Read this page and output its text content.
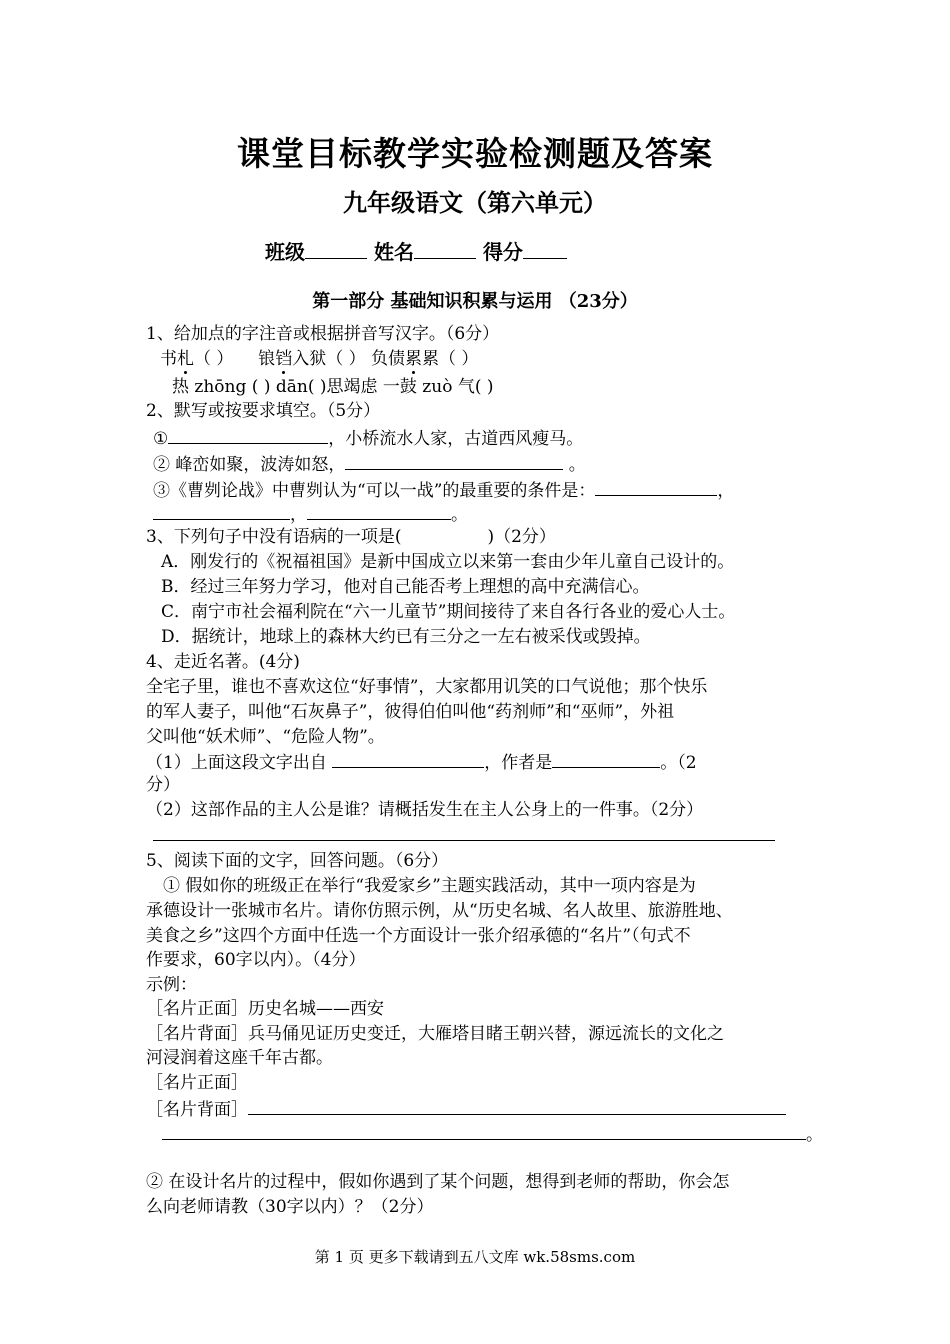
课堂目标教学实验检测题及答案
九年级语文（第六单元）
班级	姓名	得分
第一部分 基础知识积累与运用 （23分）
1、给加点的字注音或根据拼音写汉字。（6分）
书札（ ） 锒铛入狱（ ） 负债累累（ ）
热 zhōng ( ) dān( )思竭虑 一鼓 zuò 气( )
2、默写或按要求填空。（5分）
①	，小桥流水人家，古道西风瘦马。
② 峰峦如聚，波涛如怒，	。
③《曹刿论战》中曹刿认为“可以一战”的最重要的条件是：	，
，	。
3、下列句子中没有语病的一项是(	)（2分）
A．刚发行的《祝福祖国》是新中国成立以来第一套由少年儿童自己设计的。
B．经过三年努力学习，他对自己能否考上理想的高中充满信心。
C．南宁市社会福利院在“六一儿童节”期间接待了来自各行各业的爱心人士。
D．据统计，地球上的森林大约已有三分之一左右被采伐或毁掉。
4、走近名著。(4分)
全宅子里，谁也不喜欢这位“好事情”，大家都用讥笑的口气说他；那个快乐
的军人妻子，叫他“石灰鼻子”，彼得伯伯叫他“药剂师”和“巫师”，外祖
父叫他“妖术师”、“危险人物”。
（1）上面这段文字出自	，作者是	。（2
分）
（2）这部作品的主人公是谁？请概括发生在主人公身上的一件事。（2分）
5、阅读下面的文字，回答问题。（6分）
　① 假如你的班级正在举行“我爱家乡”主题实践活动，其中一项内容是为
承德设计一张城市名片。请你仿照示例，从“历史名城、名人故里、旅游胜地、
美食之乡”这四个方面中任选一个方面设计一张介绍承德的“名片”（句式不
作要求，60字以内）。（4分）
示例：
［名片正面］历史名城——西安
［名片背面］兵马俑见证历史变迁，大雁塔目睹王朝兴替，源远流长的文化之
河浸润着这座千年古都。
［名片正面］
［名片背面］
。
② 在设计名片的过程中，假如你遇到了某个问题，想得到老师的帮助，你会怎
么向老师请教（30字以内）？（2分）
第 1 页 更多下载请到五八文库 wk.58sms.com
